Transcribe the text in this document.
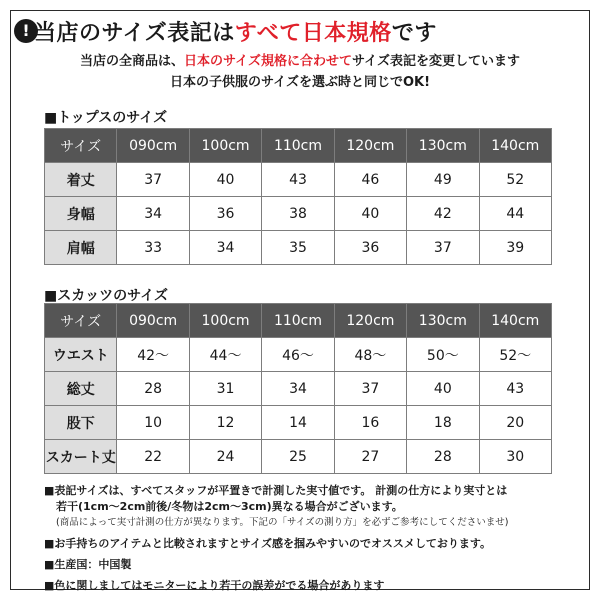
! 当店のサイズ表記はすべて日本規格です
当店の全商品は、日本のサイズ規格に合わせてサイズ表記を変更しています
日本の子供服のサイズを選ぶ時と同じでOK!
■トップスのサイズ
サイズ	090cm	100cm	110cm	120cm	130cm	140cm
着丈	37	40	43	46	49	52
身幅	34	36	38	40	42	44
肩幅	33	34	35	36	37	39
■スカッツのサイズ
サイズ	090cm	100cm	110cm	120cm	130cm	140cm
ウエスト	42～	44～	46～	48～	50～	52～
総丈	28	31	34	37	40	43
股下	10	12	14	16	18	20
スカート丈	22	24	25	27	28	30
■表記サイズは、すべてスタッフが平置きで計測した実寸値です。 計測の仕方により実寸とは
若干(1cm～2cm前後/冬物は2cm～3cm)異なる場合がございます。
(商品によって実寸計測の仕方が異なります。下記の「サイズの測り方」を必ずご参考にしてくださいませ)
■お手持ちのアイテムと比較されますとサイズ感を掴みやすいのでオススメしております。
■生産国：中国製
■色に関しましてはモニターにより若干の誤差がでる場合があります
